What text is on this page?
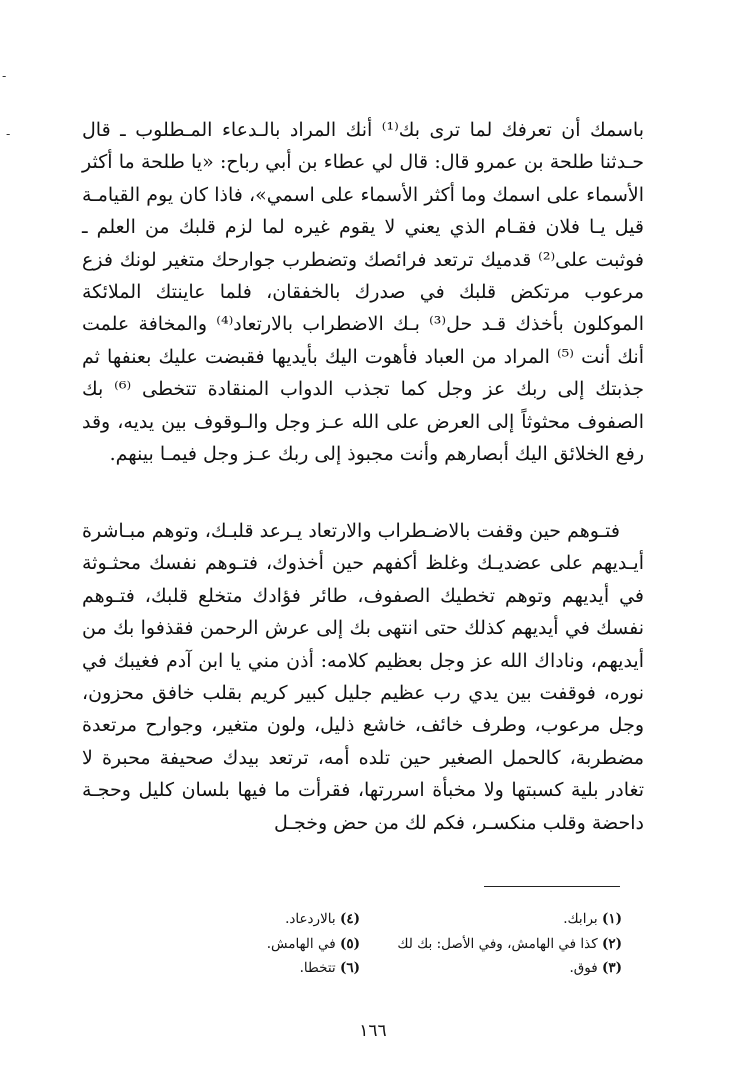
-
-	باسمك أن تعرفك لما ترى بك⁽¹⁾ أنك المراد بالـدعاء المـطلوب ـ قال حـدثنا طلحة بن عمرو قال: قال لي عطاء بن أبي رباح: «يا طلحة ما أكثر الأسماء على اسمك وما أكثر الأسماء على اسمي»، فاذا كان يوم القيامـة قيل يـا فلان فقـام الذي يعني لا يقوم غيره لما لزم قلبك من العلم ـ فوثبت على⁽²⁾ قدميك ترتعد فرائصك وتضطرب جوارحك متغير لونك فزع مرعوب مرتكض قلبك في صدرك بالخفقان، فلما عاينتك الملائكة الموكلون بأخذك قـد حل⁽³⁾ بـك الاضطراب بالارتعاد⁽⁴⁾ والمخافة علمت أنك أنت ⁽⁵⁾ المراد من العباد فأهوت اليك بأيديها فقبضت عليك بعنفها ثم جذبتك إلى ربك عز وجل كما تجذب الدواب المنقادة تتخطى ⁽⁶⁾ بك الصفوف محثوثاً إلى العرض على الله عـز وجل والـوقوف بين يديه، وقد رفع الخلائق اليك أبصارهم وأنت مجبوذ إلى ربك عـز وجل فيمـا بينهم.

فتـوهم حين وقفت بالاضـطراب والارتعاد يـرعد قلبـك، وتوهم مبـاشرة أيـديهم على عضديـك وغلظ أكفهم حين أخذوك، فتـوهم نفسك محثـوثة في أيديهم وتوهم تخطيك الصفوف، طائر فؤادك متخلع قلبك، فتـوهم نفسك في أيديهم كذلك حتى انتهى بك إلى عرش الرحمن فقذفوا بك من أيديهم، وناداك الله عز وجل بعظيم كلامه: أذن مني يا ابن آدم فغيبك في نوره، فوقفت بين يدي رب عظيم جليل كبير كريم بقلب خافق محزون، وجل مرعوب، وطرف خائف، خاشع ذليل، ولون متغير، وجوارح مرتعدة مضطربة، كالحمل الصغير حين تلده أمه، ترتعد بيدك صحيفة محبرة لا تغادر بلية كسبتها ولا مخبأة اسررتها، فقرأت ما فيها بلسان كليل وحجـة داحضة وقلب منكسـر، فكم لك من حض وخجـل

(١) برابك.
(٢) كذا في الهامش، وفي الأصل: بك لك
(٣) فوق.
(٤) بالاردعاد.
(٥) في الهامش.
(٦) تتخطا.
١٦٦
